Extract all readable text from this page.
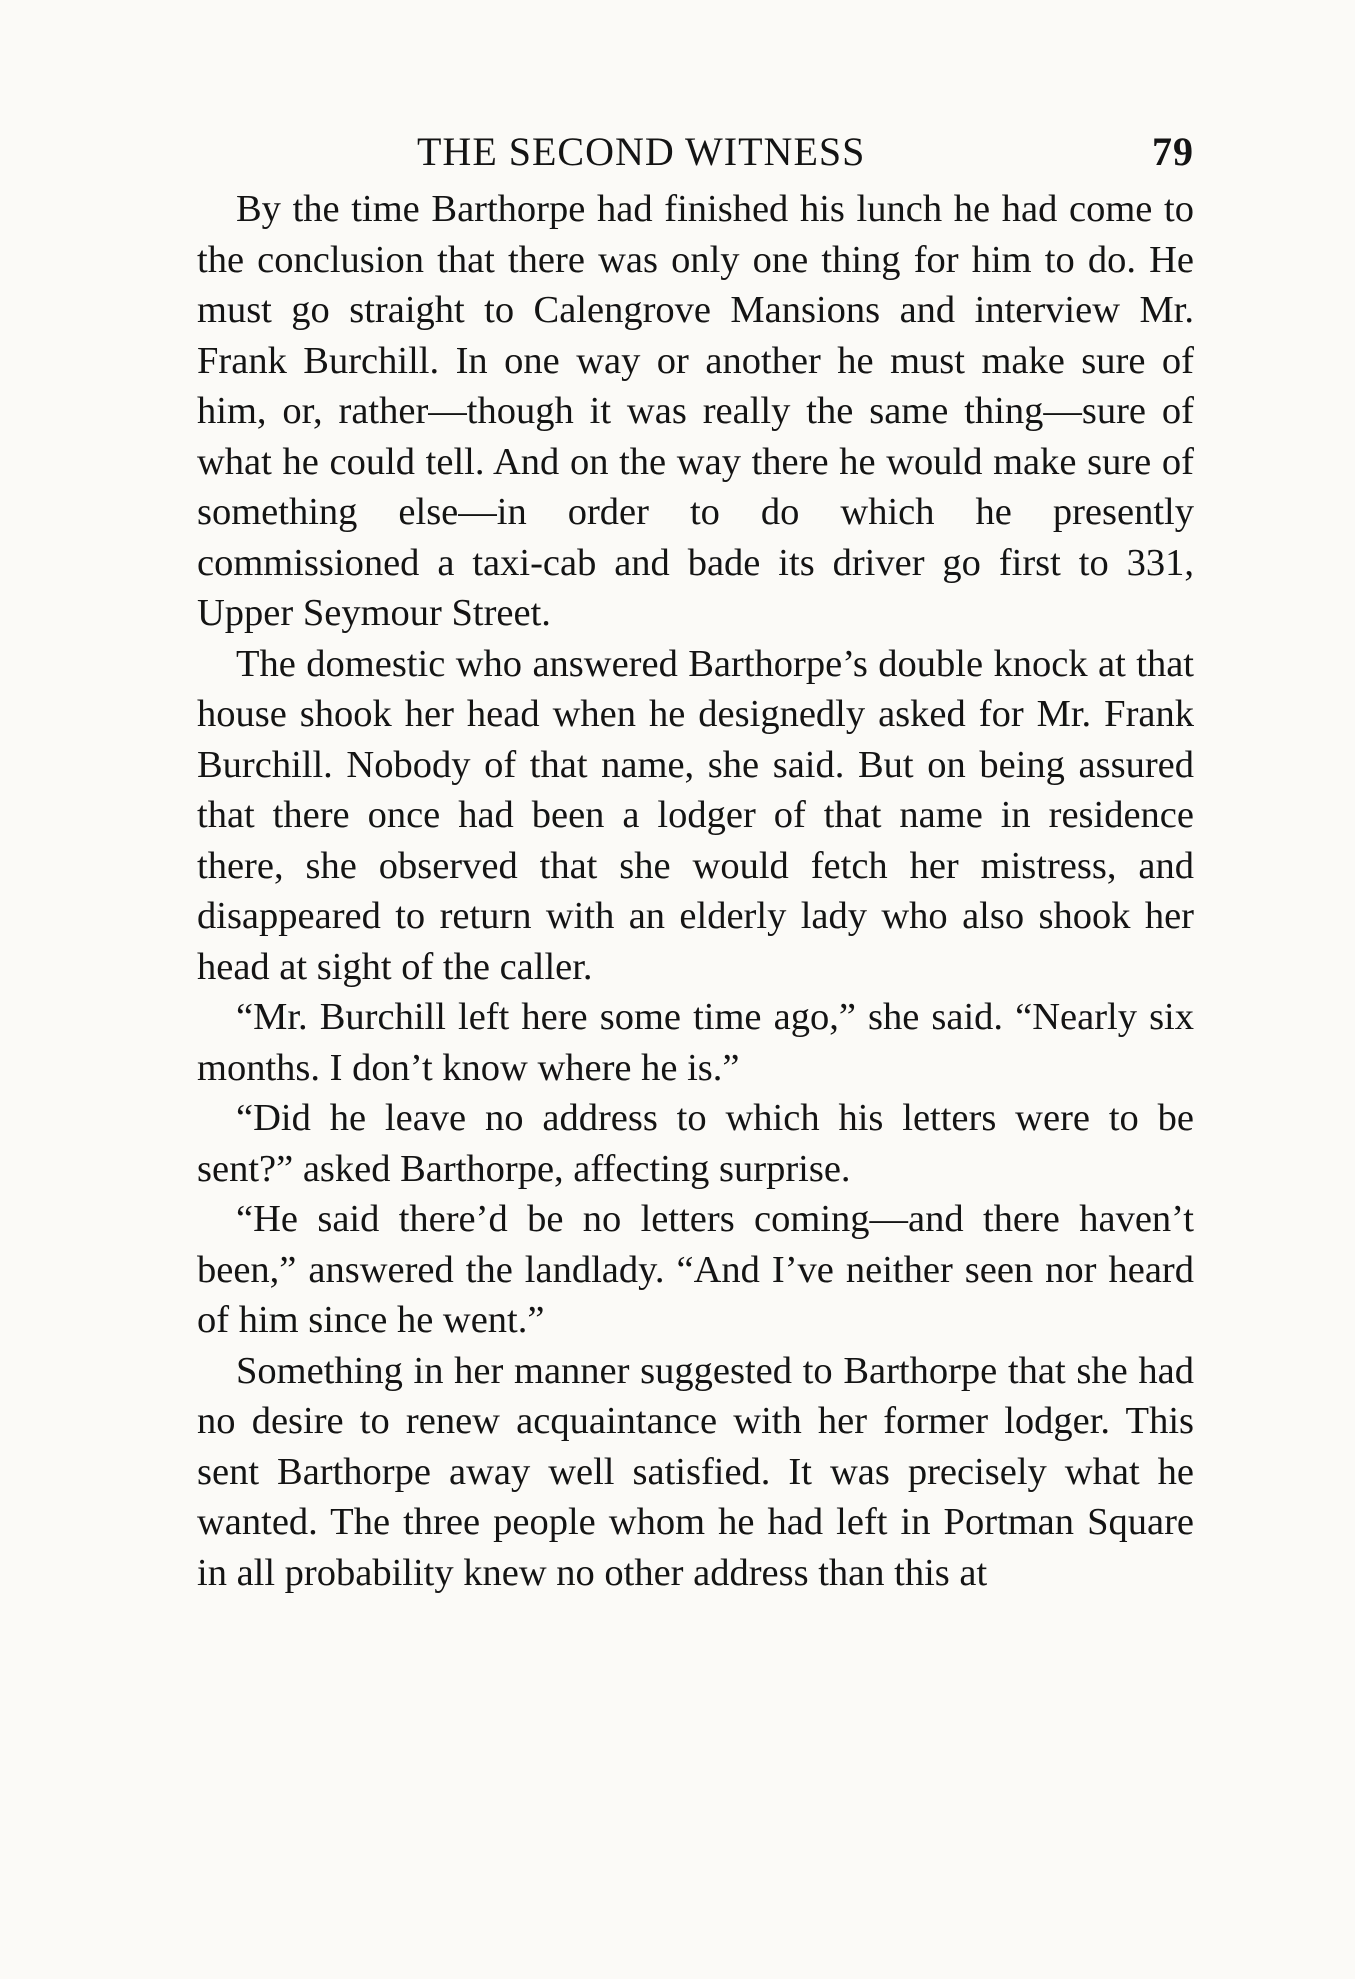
THE SECOND WITNESS	79

By the time Barthorpe had finished his lunch he had come to the conclusion that there was only one thing for him to do. He must go straight to Calengrove Mansions and interview Mr. Frank Burchill. In one way or another he must make sure of him, or, rather—though it was really the same thing—sure of what he could tell. And on the way there he would make sure of something else—in order to do which he presently commissioned a taxi-cab and bade its driver go first to 331, Upper Seymour Street.

The domestic who answered Barthorpe’s double knock at that house shook her head when he designedly asked for Mr. Frank Burchill. Nobody of that name, she said. But on being assured that there once had been a lodger of that name in residence there, she observed that she would fetch her mistress, and disappeared to return with an elderly lady who also shook her head at sight of the caller.

“Mr. Burchill left here some time ago,” she said. “Nearly six months. I don’t know where he is.”

“Did he leave no address to which his letters were to be sent?” asked Barthorpe, affecting surprise.

“He said there’d be no letters coming—and there haven’t been,” answered the landlady. “And I’ve neither seen nor heard of him since he went.”

Something in her manner suggested to Barthorpe that she had no desire to renew acquaintance with her former lodger. This sent Barthorpe away well satisfied. It was precisely what he wanted. The three people whom he had left in Portman Square in all probability knew no other address than this at
